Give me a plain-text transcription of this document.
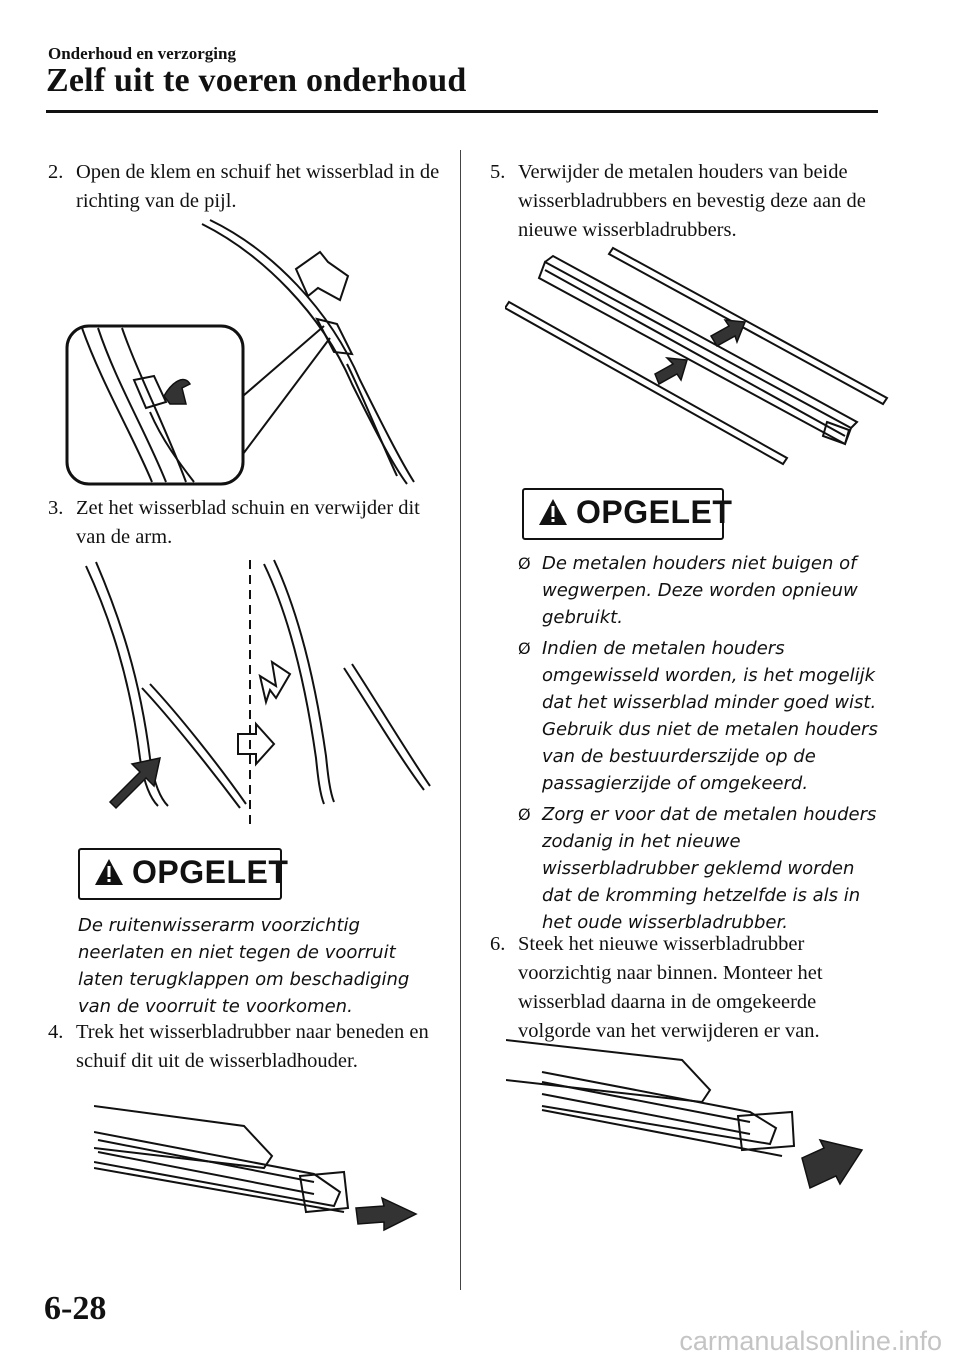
Onderhoud en verzorging
Zelf uit te voeren onderhoud
2. Open de klem en schuif het wisserblad in de richting van de pijl.
3. Zet het wisserblad schuin en verwijder dit van de arm.
OPGELET
De ruitenwisserarm voorzichtig neerlaten en niet tegen de voorruit laten terugklappen om beschadiging van de voorruit te voorkomen.
4. Trek het wisserbladrubber naar beneden en schuif dit uit de wisserbladhouder.
5. Verwijder de metalen houders van beide wisserbladrubbers en bevestig deze aan de nieuwe wisserbladrubbers.
OPGELET
Ø De metalen houders niet buigen of wegwerpen. Deze worden opnieuw gebruikt.
Ø Indien de metalen houders omgewisseld worden, is het mogelijk dat het wisserblad minder goed wist. Gebruik dus niet de metalen houders van de bestuurderszijde op de passagierzijde of omgekeerd.
Ø Zorg er voor dat de metalen houders zodanig in het nieuwe wisserbladrubber geklemd worden dat de kromming hetzelfde is als in het oude wisserbladrubber.
6. Steek het nieuwe wisserbladrubber voorzichtig naar binnen. Monteer het wisserblad daarna in de omgekeerde volgorde van het verwijderen er van.
6-28
carmanualsonline.info
